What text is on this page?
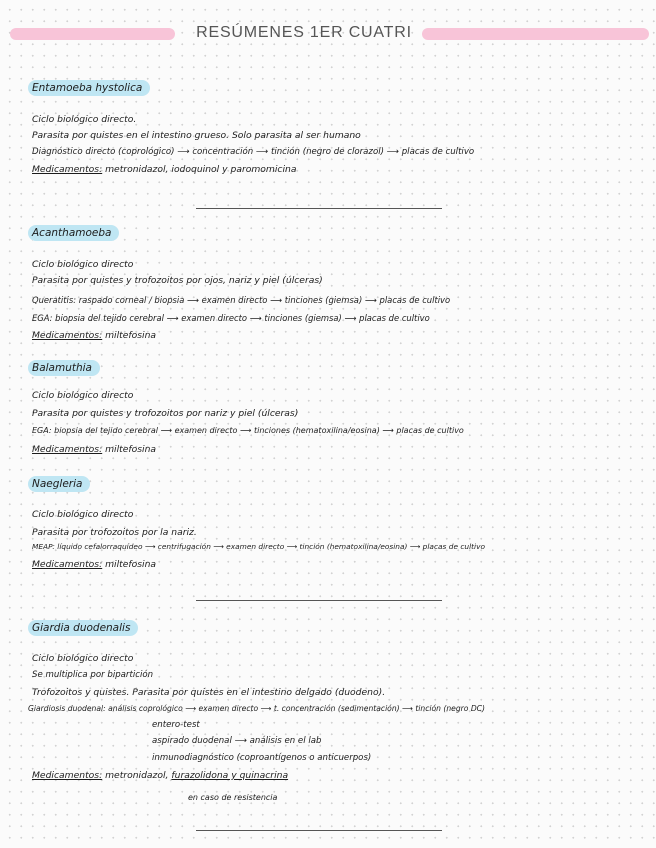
RESÚMENES 1ER CUATRI
Entamoeba hystolica
Ciclo biológico directo.
Parasita por quistes en el intestino grueso. Solo parasita al ser humano
Diagnóstico directo (coprológico) ⟶ concentración ⟶ tinción (negro de clorazol) ⟶ placas de cultivo
Medicamentos: metronidazol, iodoquinol y paromomicina
Acanthamoeba
Ciclo biológico directo
Parasita por quistes y trofozoitos por ojos, nariz y piel (úlceras)
Queratitis: raspado corneal / biopsia ⟶ examen directo ⟶ tinciones (giemsa) ⟶ placas de cultivo
EGA: biopsia del tejido cerebral ⟶ examen directo ⟶ tinciones (giemsa) ⟶ placas de cultivo
Medicamentos: miltefosina
Balamuthia
Ciclo biológico directo
Parasita por quistes y trofozoitos por nariz y piel (úlceras)
EGA: biopsia del tejido cerebral ⟶ examen directo ⟶ tinciones (hematoxilina/eosina) ⟶ placas de cultivo
Medicamentos: miltefosina
Naegleria
Ciclo biológico directo
Parasita por trofozoitos por la nariz.
MEAP: líquido cefalorraquídeo ⟶ centrifugación ⟶ examen directo ⟶ tinción (hematoxilina/eosina) ⟶ placas de cultivo
Medicamentos: miltefosina
Giardia duodenalis
Ciclo biológico directo
Se multiplica por bipartición
Trofozoitos y quistes. Parasita por quistes en el intestino delgado (duodeno).
Giardiosis duodenal: análisis coprológico ⟶ examen directo ⟶ t. concentración (sedimentación) ⟶ tinción (negro DC)
entero-test
aspirado duodenal ⟶ análisis en el lab
inmunodiagnóstico (coproantígenos o anticuerpos)
Medicamentos: metronidazol, furazolidona y quinacrina
en caso de resistencia
